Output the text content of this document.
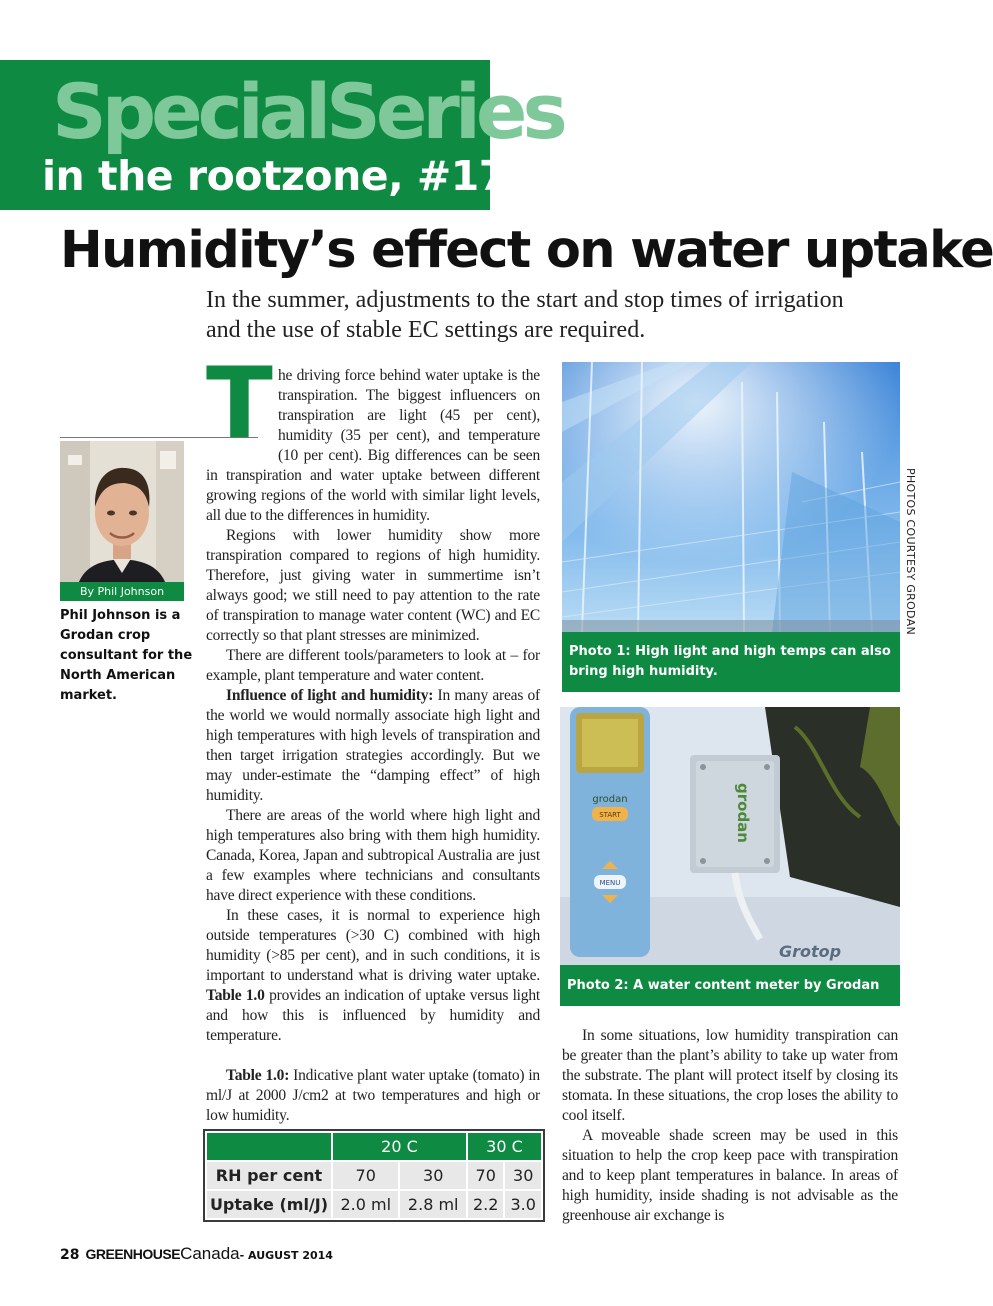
SpecialSeries
in the rootzone, #17
Humidity’s effect on water uptake
In the summer, adjustments to the start and stop times of irrigation and the use of stable EC settings are required.
By Phil Johnson
Phil Johnson is a Grodan crop consultant for the North American market.
T he driving force behind water uptake is the transpiration. The biggest influencers on transpiration are light (45 per cent), humidity (35 per cent), and temperature (10 per cent). Big differences can be seen in transpiration and water uptake between different growing regions of the world with similar light levels, all due to the differences in humidity.

Regions with lower humidity show more transpiration compared to regions of high humidity. Therefore, just giving water in summertime isn’t always good; we still need to pay attention to the rate of transpiration to manage water content (WC) and EC correctly so that plant stresses are minimized.

There are different tools/parameters to look at – for example, plant temperature and water content.

Influence of light and humidity: In many areas of the world we would normally associate high light and high temperatures with high levels of transpiration and then target irrigation strategies accordingly. But we may under-estimate the “damping effect” of high humidity.

There are areas of the world where high light and high temperatures also bring with them high humidity. Canada, Korea, Japan and subtropical Australia are just a few examples where technicians and consultants have direct experience with these conditions.

In these cases, it is normal to experience high outside temperatures (>30 C) combined with high humidity (>85 per cent), and in such conditions, it is important to understand what is driving water uptake. Table 1.0 provides an indication of uptake versus light and how this is influenced by humidity and temperature.

Table 1.0: Indicative plant water uptake (tomato) in ml/J at 2000 J/cm2 at two temperatures and high or low humidity.

	20 C		30 C	
RH per cent	70	30	70	30
Uptake (ml/J)	2.0 ml	2.8 ml	2.2	3.0
Photo 1: High light and high temps can also bring high humidity.
PHOTOS COURTESY GRODAN
grodan
START
MENU
grodan
Grotop
Photo 2: A water content meter by Grodan

In some situations, low humidity transpiration can be greater than the plant’s ability to take up water from the substrate. The plant will protect itself by closing its stomata. In these situations, the crop loses the ability to cool itself.

A moveable shade screen may be used in this situation to help the crop keep pace with transpiration and to keep plant temperatures in balance. In areas of high humidity, inside shading is not advisable as the greenhouse air exchange is

28 GREENHOUSECanada- AUGUST 2014
